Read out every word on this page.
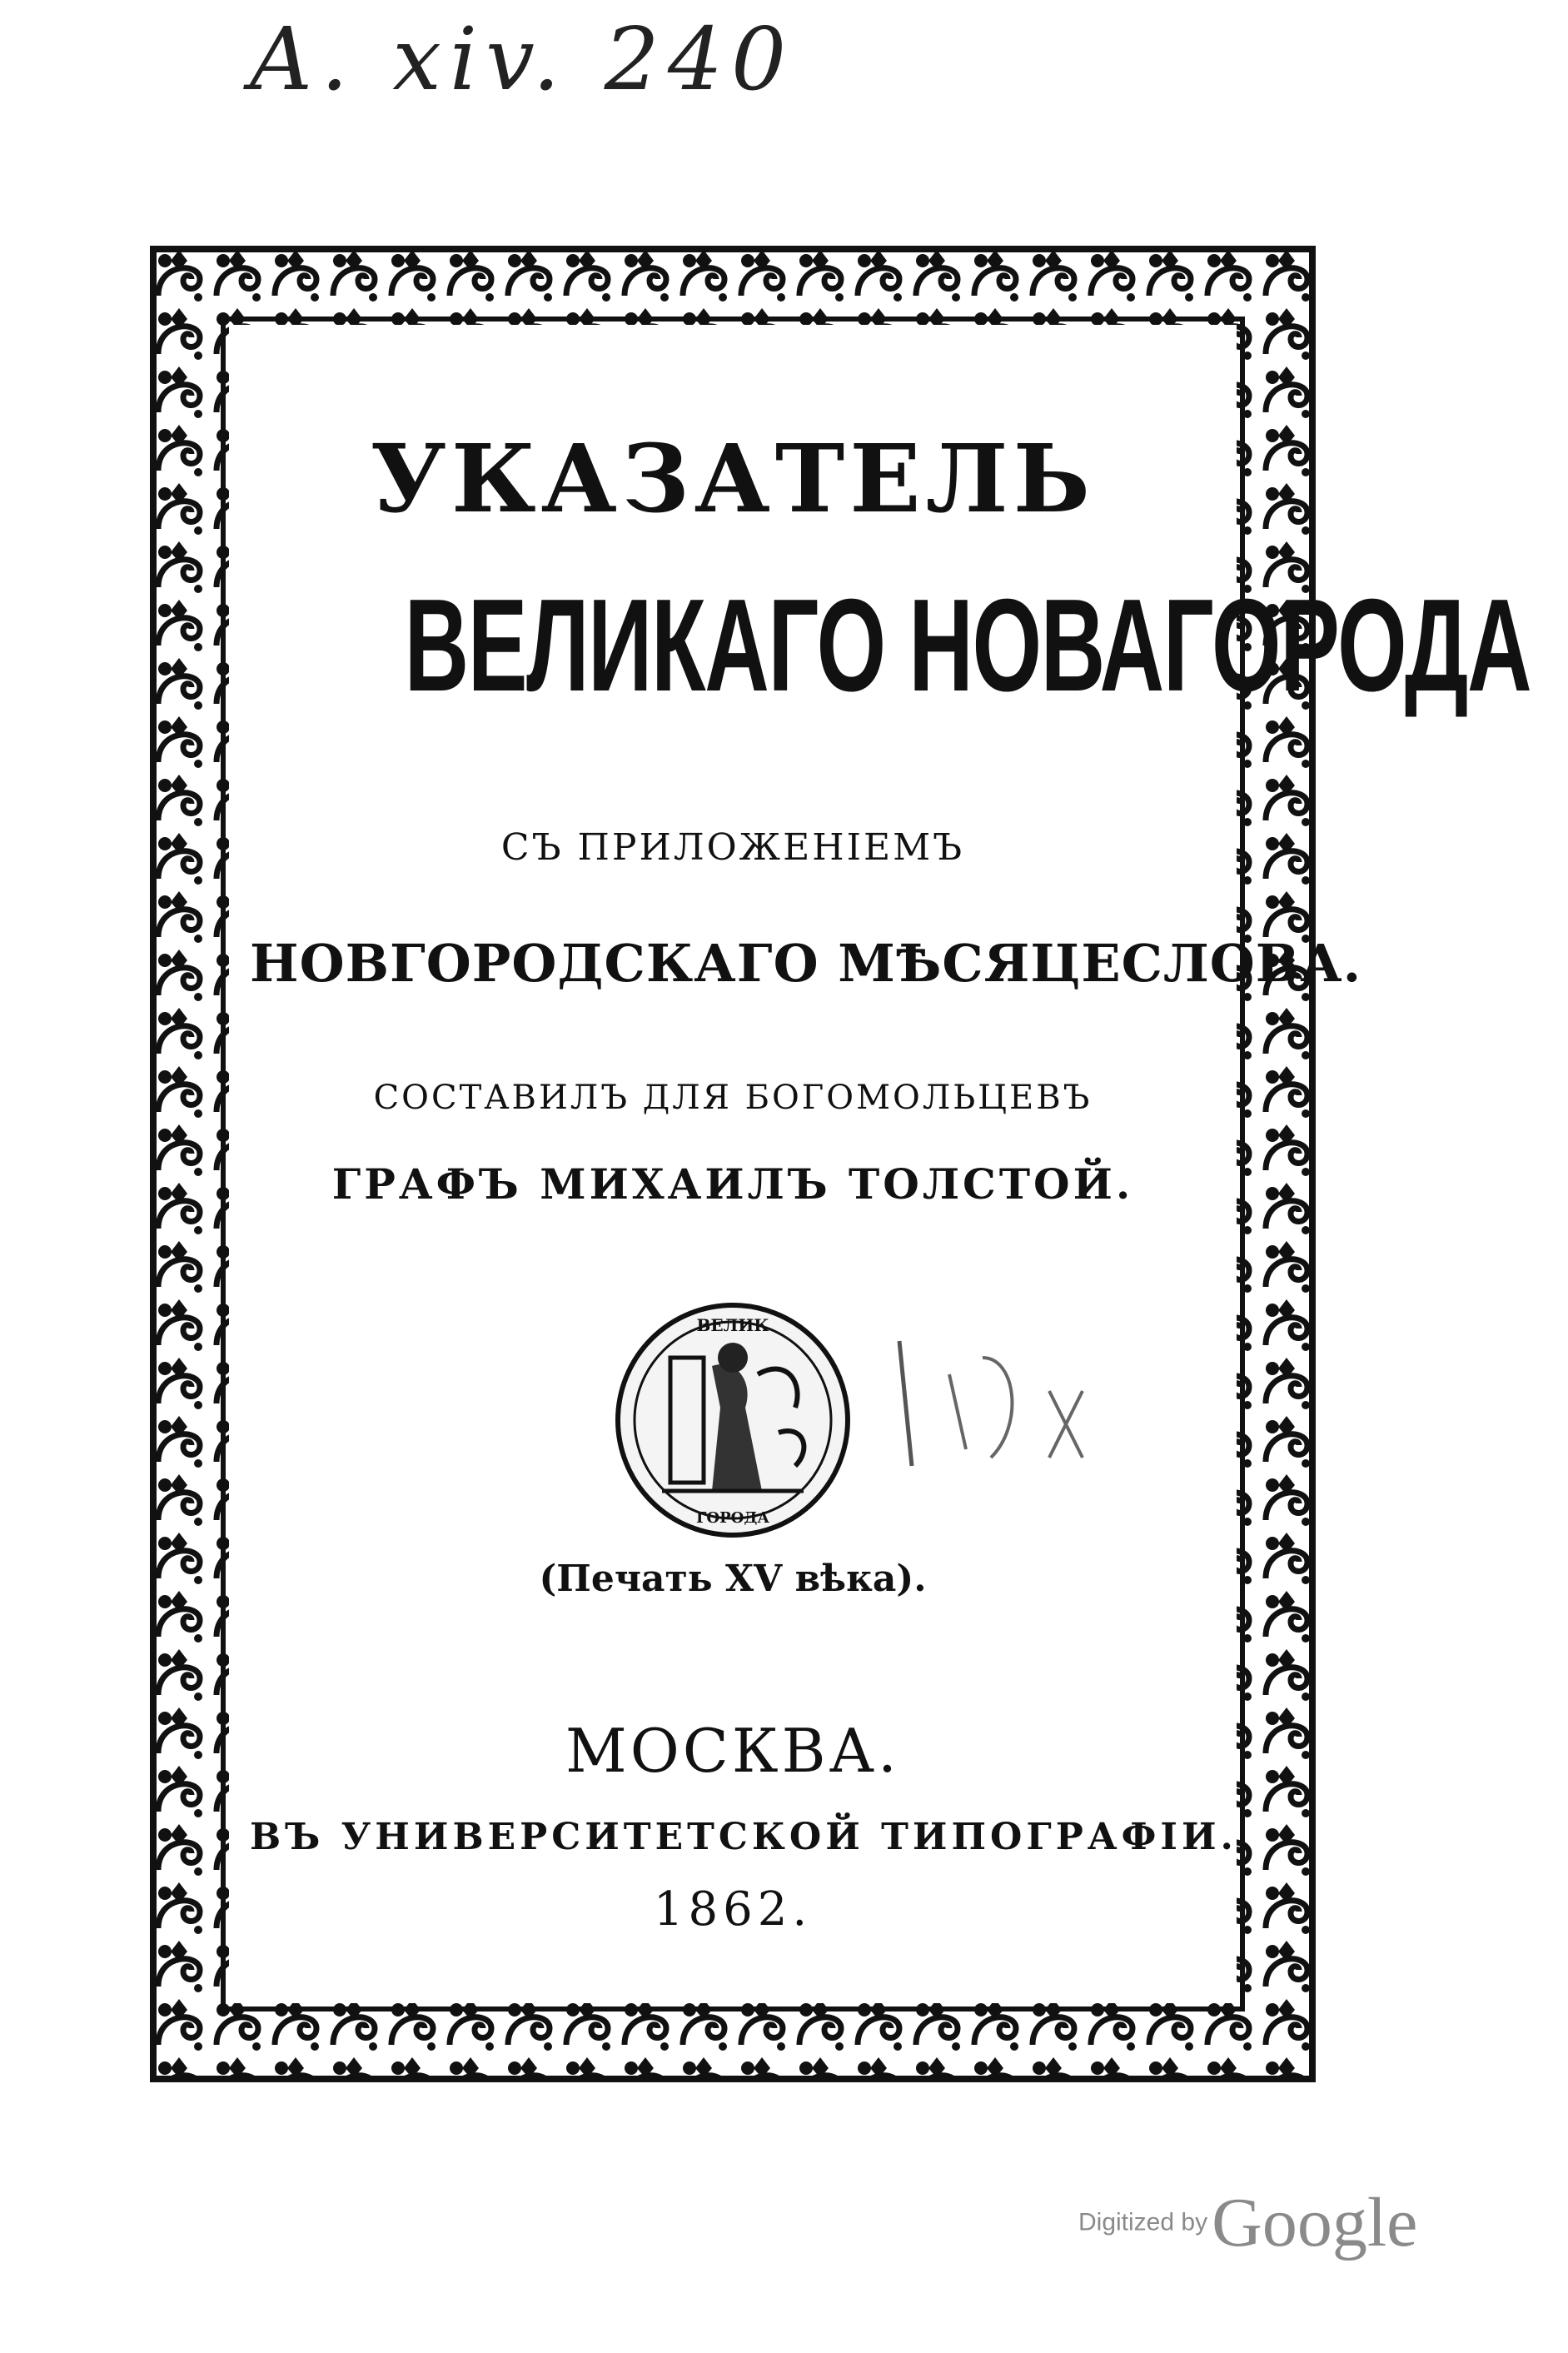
A. xiv. 240
УКАЗАТЕЛЬ
ВЕЛИКАГО НОВАГОРОДА
СЪ ПРИЛОЖЕНІЕМЪ
НОВГОРОДСКАГО МѢСЯЦЕСЛОВА.
СОСТАВИЛЪ ДЛЯ БОГОМОЛЬЦЕВЪ
ГРАФЪ МИХАИЛЪ ТОЛСТОЙ.
ВЕЛИК
ГОРОДА
(Печать XV вѣка).
МОСКВА.
ВЪ УНИВЕРСИТЕТСКОЙ ТИПОГРАФІИ.
1862.
Digitized by Google
